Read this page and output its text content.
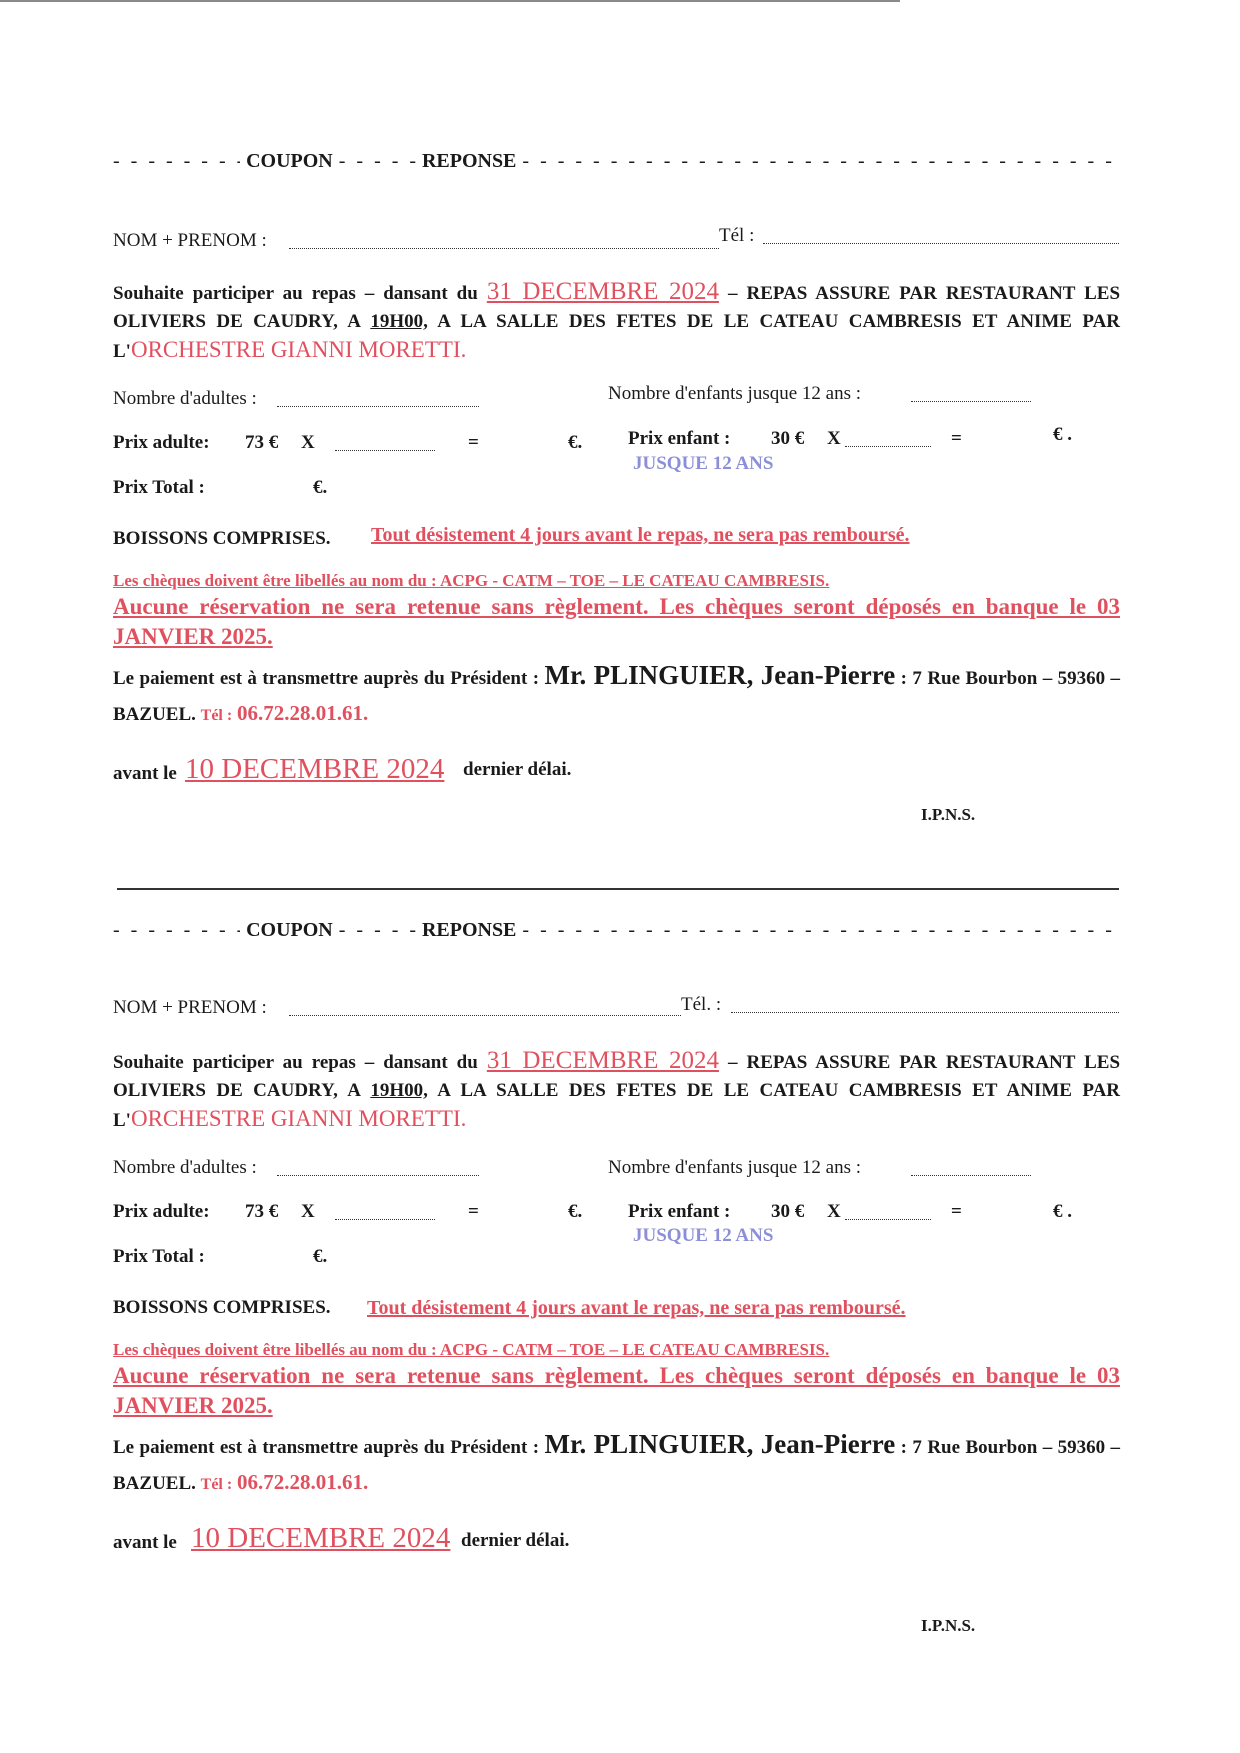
- - -
COUPON - - -	REPONSE
- - -
NOM + PRENOM :	Tél :
Souhaite participer au repas – dansant du 31 DECEMBRE 2024 – REPAS ASSURE PAR RESTAURANT LES OLIVIERS DE CAUDRY, A 19H00, A LA SALLE DES FETES DE LE CATEAU CAMBRESIS ET ANIME PAR L'ORCHESTRE GIANNI MORETTI.
Nombre d'adultes :	Nombre d'enfants jusque 12 ans :
Prix adulte: 73 € X	=	€. Prix enfant : 30 € X	=	€ .
JUSQUE 12 ANS
Prix Total :	€.
BOISSONS COMPRISES. Tout désistement 4 jours avant le repas, ne sera pas remboursé.
Les chèques doivent être libellés au nom du : ACPG - CATM – TOE – LE CATEAU CAMBRESIS.
Aucune réservation ne sera retenue sans règlement. Les chèques seront déposés en banque le 03 JANVIER 2025.
Le paiement est à transmettre auprès du Président : Mr. PLINGUIER, Jean-Pierre : 7 Rue Bourbon – 59360 – BAZUEL. Tél : 06.72.28.01.61.
avant le 10 DECEMBRE 2024 dernier délai.
I.P.N.S.
- - -
COUPON - - -	REPONSE
- - -
NOM + PRENOM :	Tél. :
Souhaite participer au repas – dansant du 31 DECEMBRE 2024 – REPAS ASSURE PAR RESTAURANT LES OLIVIERS DE CAUDRY, A 19H00, A LA SALLE DES FETES DE LE CATEAU CAMBRESIS ET ANIME PAR L'ORCHESTRE GIANNI MORETTI.
Nombre d'adultes :	Nombre d'enfants jusque 12 ans :
Prix adulte: 73 € X	=	€. Prix enfant : 30 € X	=	€ .
JUSQUE 12 ANS
Prix Total :	€.
BOISSONS COMPRISES. Tout désistement 4 jours avant le repas, ne sera pas remboursé.
Les chèques doivent être libellés au nom du : ACPG - CATM – TOE – LE CATEAU CAMBRESIS.
Aucune réservation ne sera retenue sans règlement. Les chèques seront déposés en banque le 03 JANVIER 2025.
Le paiement est à transmettre auprès du Président : Mr. PLINGUIER, Jean-Pierre : 7 Rue Bourbon – 59360 – BAZUEL. Tél : 06.72.28.01.61.
avant le 10 DECEMBRE 2024 dernier délai.
I.P.N.S.
